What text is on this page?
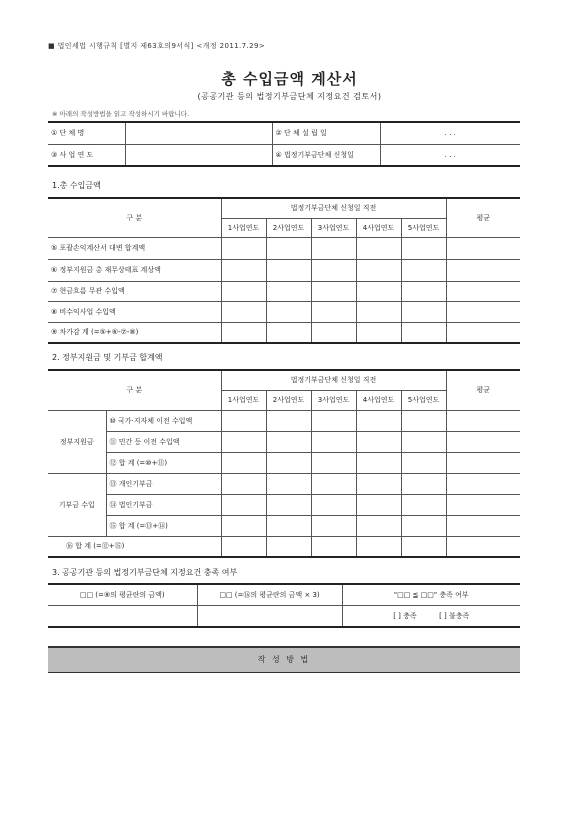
■ 법인세법 시행규칙 [별지 제63호의9서식] <개정 2011.7.29>
총 수입금액 계산서
(공공기관 등의 법정기부금단체 지정요건 검토서)
※ 아래의 작성방법을 읽고 작성하시기 바랍니다.
① 단 체 명		② 단 체 설 립 일	. . .
③ 사 업 연 도		④ 법정기부금단체 신청일	. . .
1.총 수입금액
구 분	법정기부금단체 신청일 직전					평균
	1사업연도	2사업연도	3사업연도	4사업연도	5사업연도	
⑤ 포괄손익계산서 대변 합계액						
⑥ 정부지원금 총 재무상태표 계상액						
⑦ 현금흐름 무관 수입액						
⑧ 비수익사업 수입액						
⑨ 차가감 계 (=⑤+⑥-⑦-⑧)						
2. 정부지원금 및 기부금 합계액
구 분		법정기부금단체 신청일 직전					평균
		1사업연도	2사업연도	3사업연도	4사업연도	5사업연도	
정부지원금	⑩ 국가·지자체 이전 수입액						
	⑪ 민간 등 이전 수입액						
	⑫ 합 계 (=⑩+⑪)						
기부금 수입	⑬ 개인기부금						
	⑭ 법인기부금						
	⑮ 합 계 (=⑬+⑭)						
⑯ 합 계 (=⑫+⑮)							
3. 공공기관 등의 법정기부금단체 지정요건 충족 여부
□□ (=⑨의 평균란의 금액)	□□ (=⑯의 평균란의 금액 × 3)	"□□ ≦ □□" 충족 여부
		[ ] 충족 [ ] 불충족
작 성 방 법
